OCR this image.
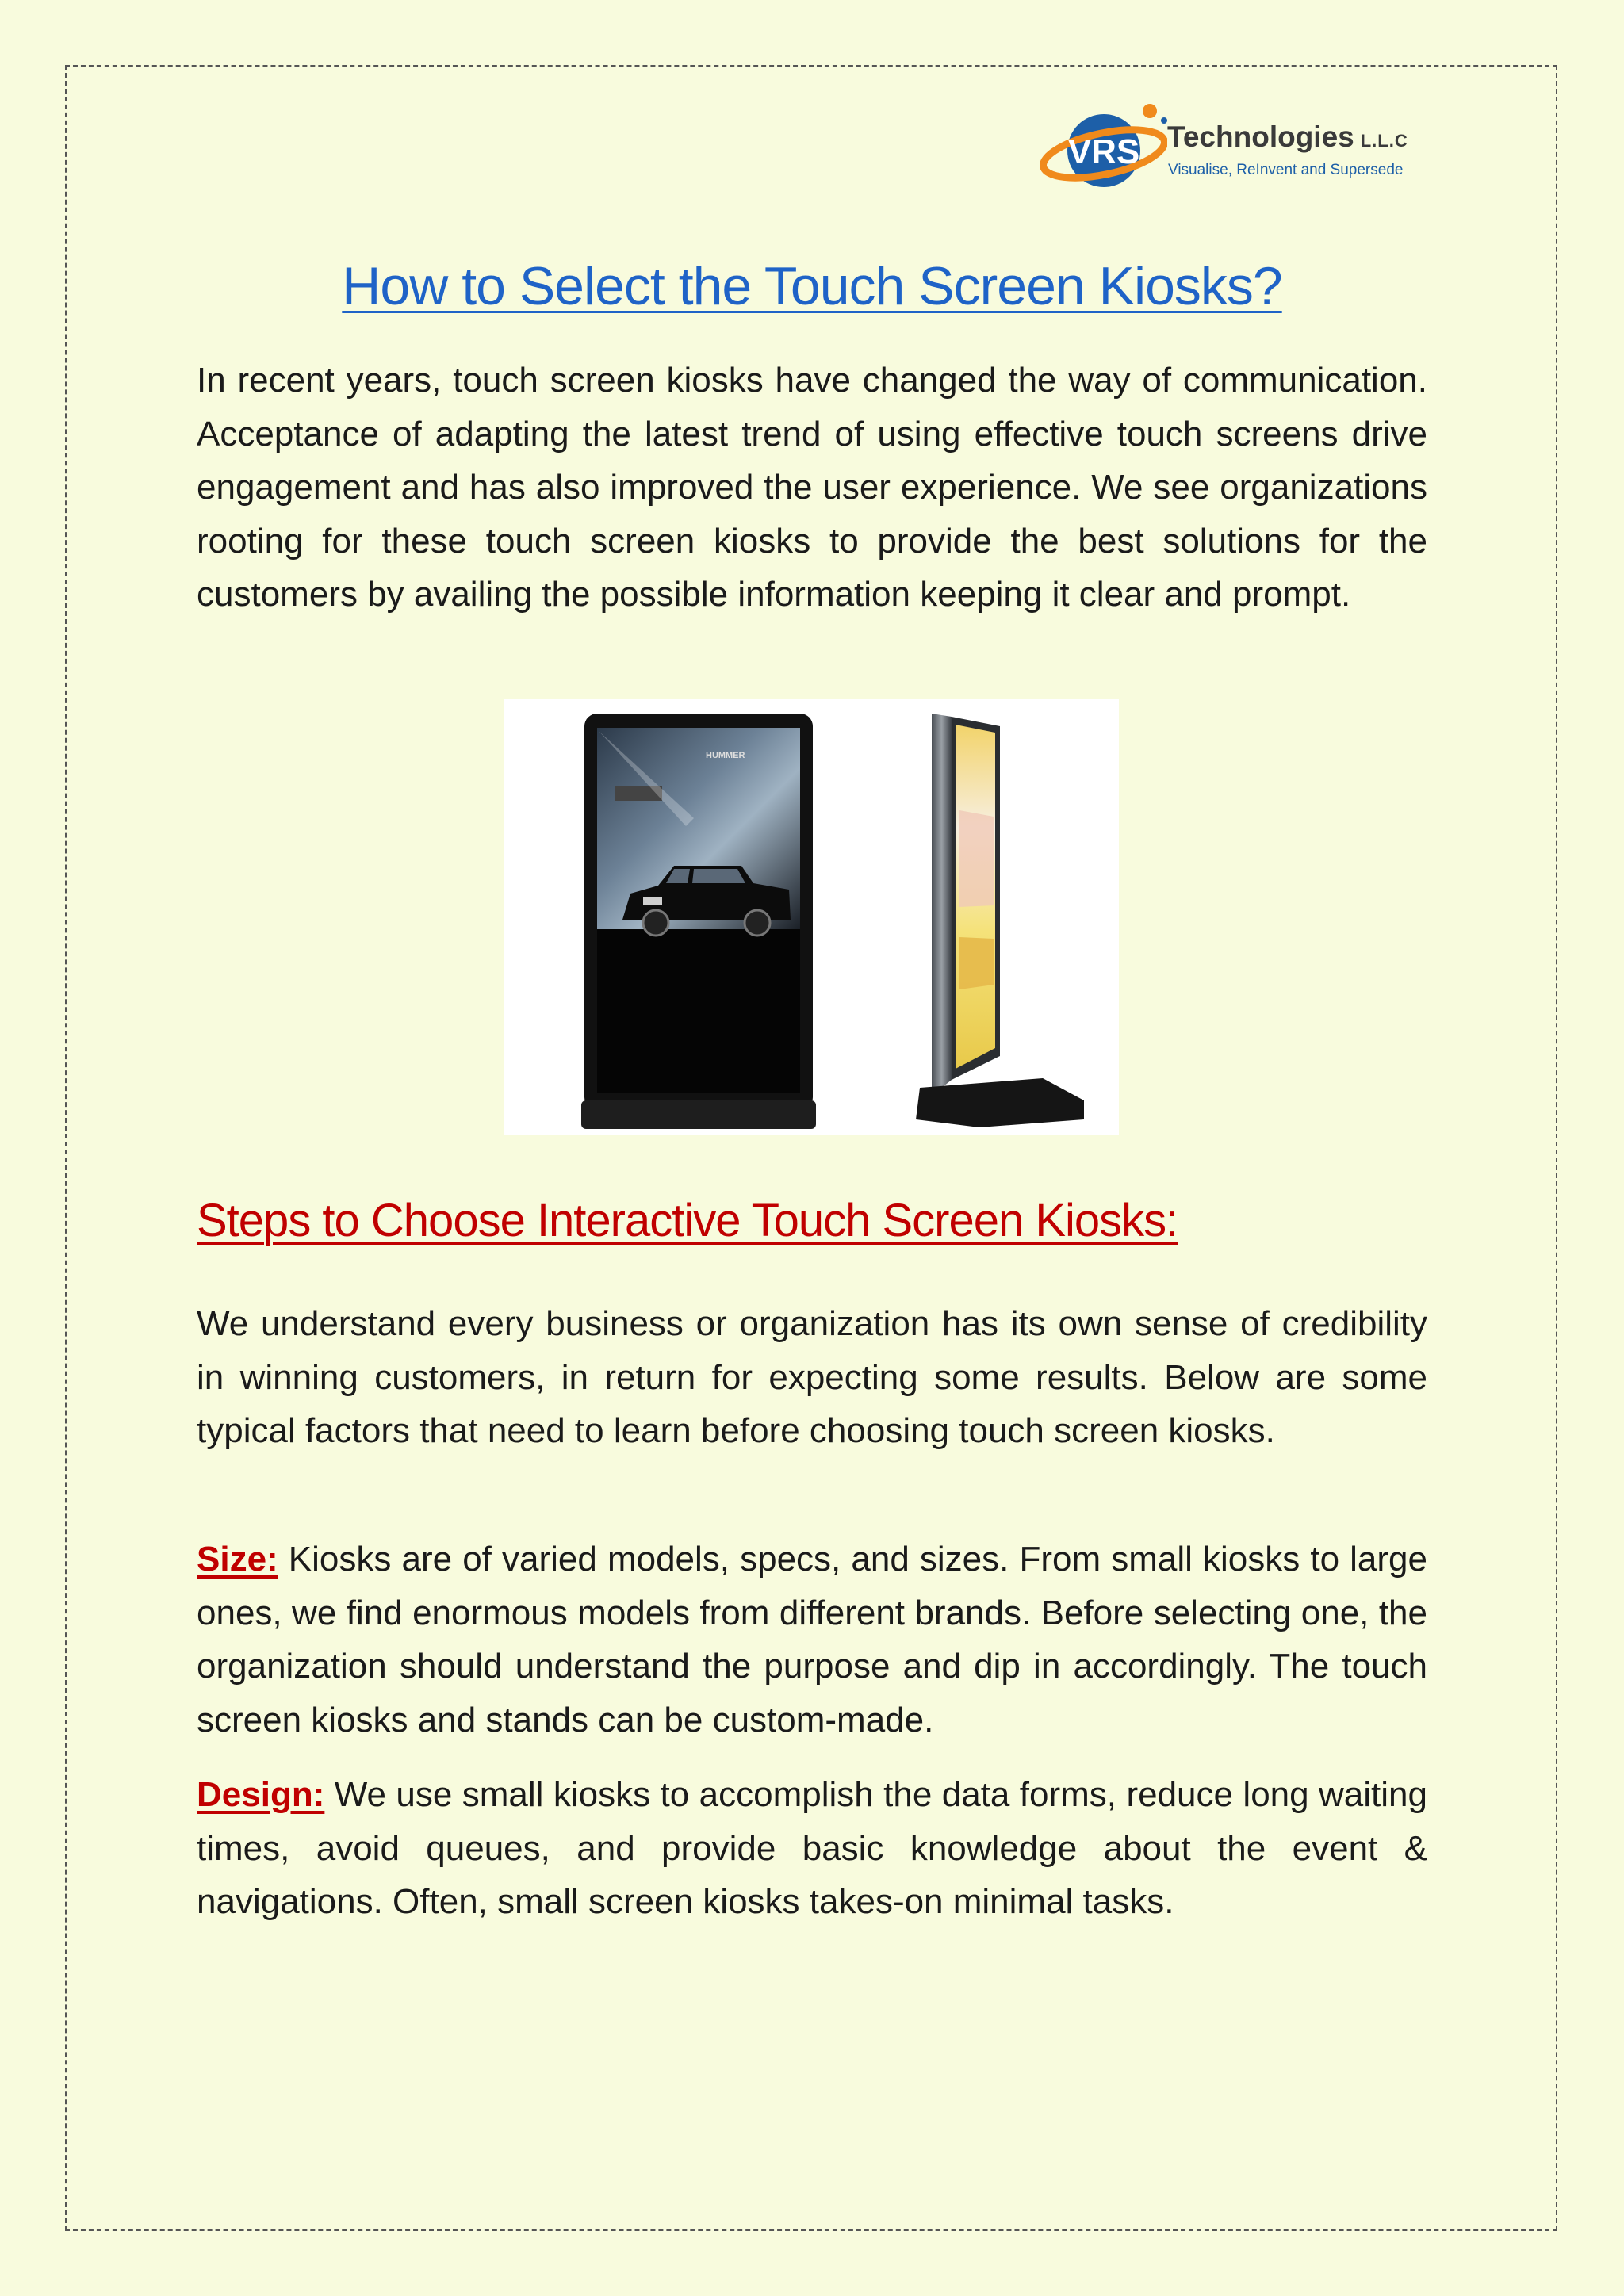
VRS Technologies L.L.C
Visualise, ReInvent and Supersede
How to Select the Touch Screen Kiosks?

In recent years, touch screen kiosks have changed the way of communication. Acceptance of adapting the latest trend of using effective touch screens drive engagement and has also improved the user experience. We see organizations rooting for these touch screen kiosks to provide the best solutions for the customers by availing the possible information keeping it clear and prompt.

HUMMER
Steps to Choose Interactive Touch Screen Kiosks:

We understand every business or organization has its own sense of credibility in winning customers, in return for expecting some results. Below are some typical factors that need to learn before choosing touch screen kiosks.

Size: Kiosks are of varied models, specs, and sizes. From small kiosks to large ones, we find enormous models from different brands. Before selecting one, the organization should understand the purpose and dip in accordingly. The touch screen kiosks and stands can be custom-made.

Design: We use small kiosks to accomplish the data forms, reduce long waiting times, avoid queues, and provide basic knowledge about the event & navigations. Often, small screen kiosks takes-on minimal tasks.
